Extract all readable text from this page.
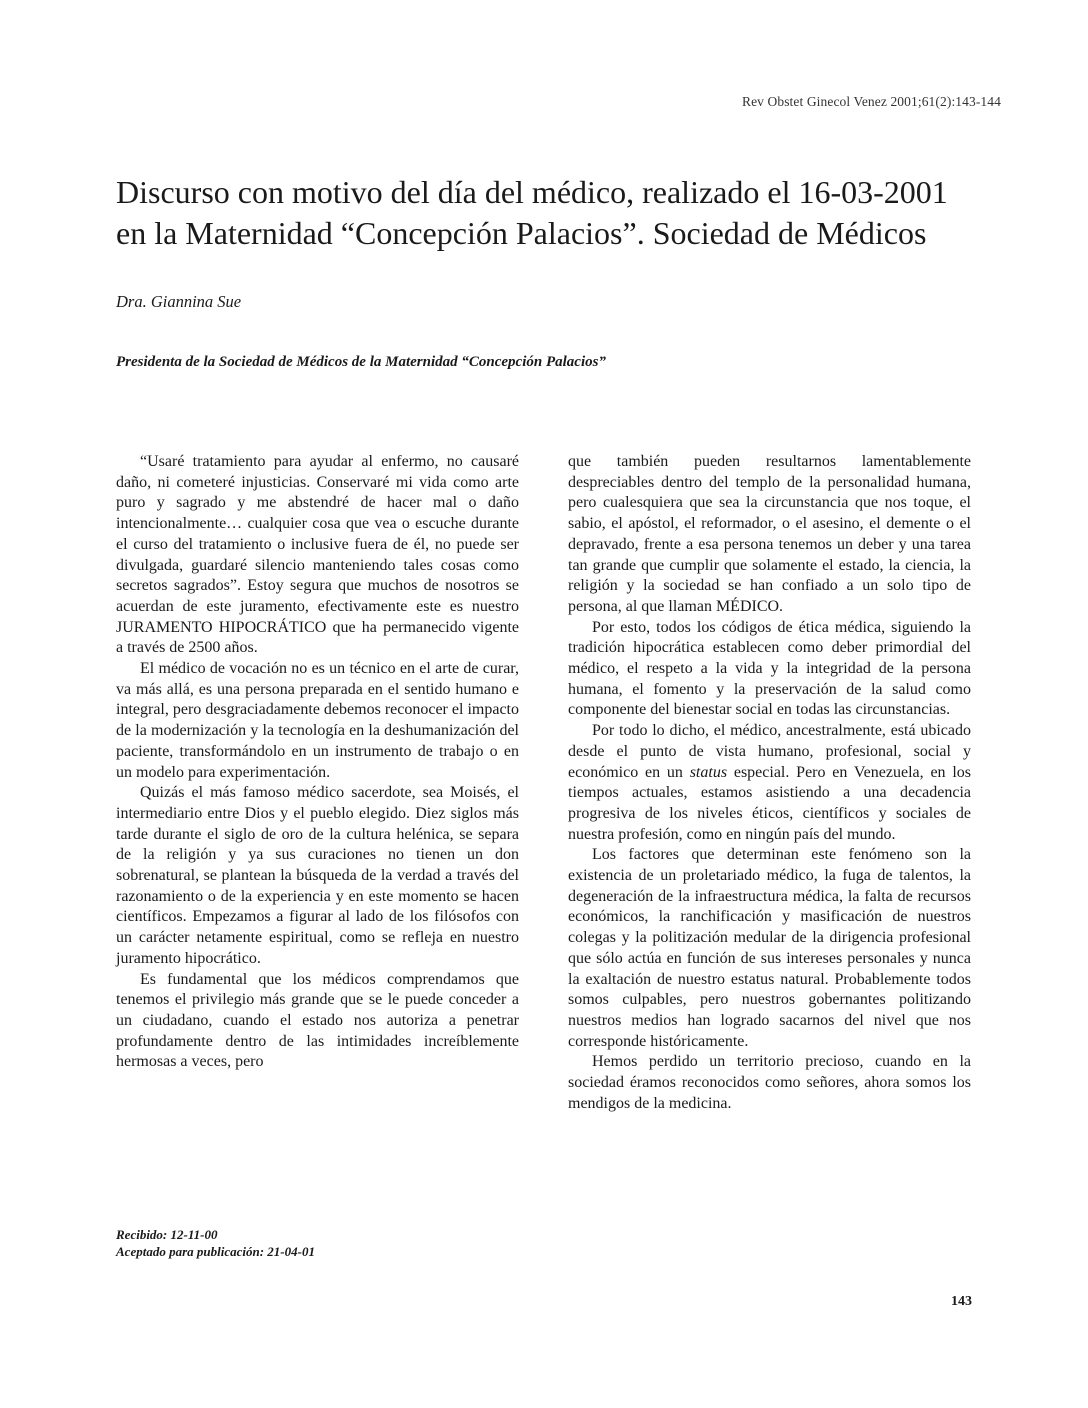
Rev Obstet Ginecol Venez 2001;61(2):143-144
Discurso con motivo del día del médico, realizado el 16-03-2001
en la Maternidad “Concepción Palacios”. Sociedad de Médicos
Dra. Giannina Sue
Presidenta de la Sociedad de Médicos de la Maternidad “Concepción Palacios”

“Usaré tratamiento para ayudar al enfermo, no causaré daño, ni cometeré injusticias. Conservaré mi vida como arte puro y sagrado y me abstendré de hacer mal o daño intencionalmente… cualquier cosa que vea o escuche durante el curso del tratamiento o inclusive fuera de él, no puede ser divulgada, guardaré silencio manteniendo tales cosas como secretos sagrados”. Estoy segura que muchos de nosotros se acuerdan de este juramento, efectivamente este es nuestro JURAMENTO HIPOCRÁTICO que ha permanecido vigente a través de 2500 años.

El médico de vocación no es un técnico en el arte de curar, va más allá, es una persona preparada en el sentido humano e integral, pero desgraciadamente debemos reconocer el impacto de la modernización y la tecnología en la deshumanización del paciente, transformándolo en un instrumento de trabajo o en un modelo para experimentación.

Quizás el más famoso médico sacerdote, sea Moisés, el intermediario entre Dios y el pueblo elegido. Diez siglos más tarde durante el siglo de oro de la cultura helénica, se separa de la religión y ya sus curaciones no tienen un don sobrenatural, se plantean la búsqueda de la verdad a través del razonamiento o de la experiencia y en este momento se hacen científicos. Empezamos a figurar al lado de los filósofos con un carácter netamente espiritual, como se refleja en nuestro juramento hipocrático.

Es fundamental que los médicos comprendamos que tenemos el privilegio más grande que se le puede conceder a un ciudadano, cuando el estado nos autoriza a penetrar profundamente dentro de las intimidades increíblemente hermosas a veces, pero

que también pueden resultarnos lamentablemente despreciables dentro del templo de la personalidad humana, pero cualesquiera que sea la circunstancia que nos toque, el sabio, el apóstol, el reformador, o el asesino, el demente o el depravado, frente a esa persona tenemos un deber y una tarea tan grande que cumplir que solamente el estado, la ciencia, la religión y la sociedad se han confiado a un solo tipo de persona, al que llaman MÉDICO.

Por esto, todos los códigos de ética médica, siguiendo la tradición hipocrática establecen como deber primordial del médico, el respeto a la vida y la integridad de la persona humana, el fomento y la preservación de la salud como componente del bienestar social en todas las circunstancias.

Por todo lo dicho, el médico, ancestralmente, está ubicado desde el punto de vista humano, profesional, social y económico en un status especial. Pero en Venezuela, en los tiempos actuales, estamos asistiendo a una decadencia progresiva de los niveles éticos, científicos y sociales de nuestra profesión, como en ningún país del mundo.

Los factores que determinan este fenómeno son la existencia de un proletariado médico, la fuga de talentos, la degeneración de la infraestructura médica, la falta de recursos económicos, la ranchificación y masificación de nuestros colegas y la politización medular de la dirigencia profesional que sólo actúa en función de sus intereses personales y nunca la exaltación de nuestro estatus natural. Probablemente todos somos culpables, pero nuestros gobernantes politizando nuestros medios han logrado sacarnos del nivel que nos corresponde históricamente.

Hemos perdido un territorio precioso, cuando en la sociedad éramos reconocidos como señores, ahora somos los mendigos de la medicina.

Recibido: 12-11-00
Aceptado para publicación: 21-04-01
143
